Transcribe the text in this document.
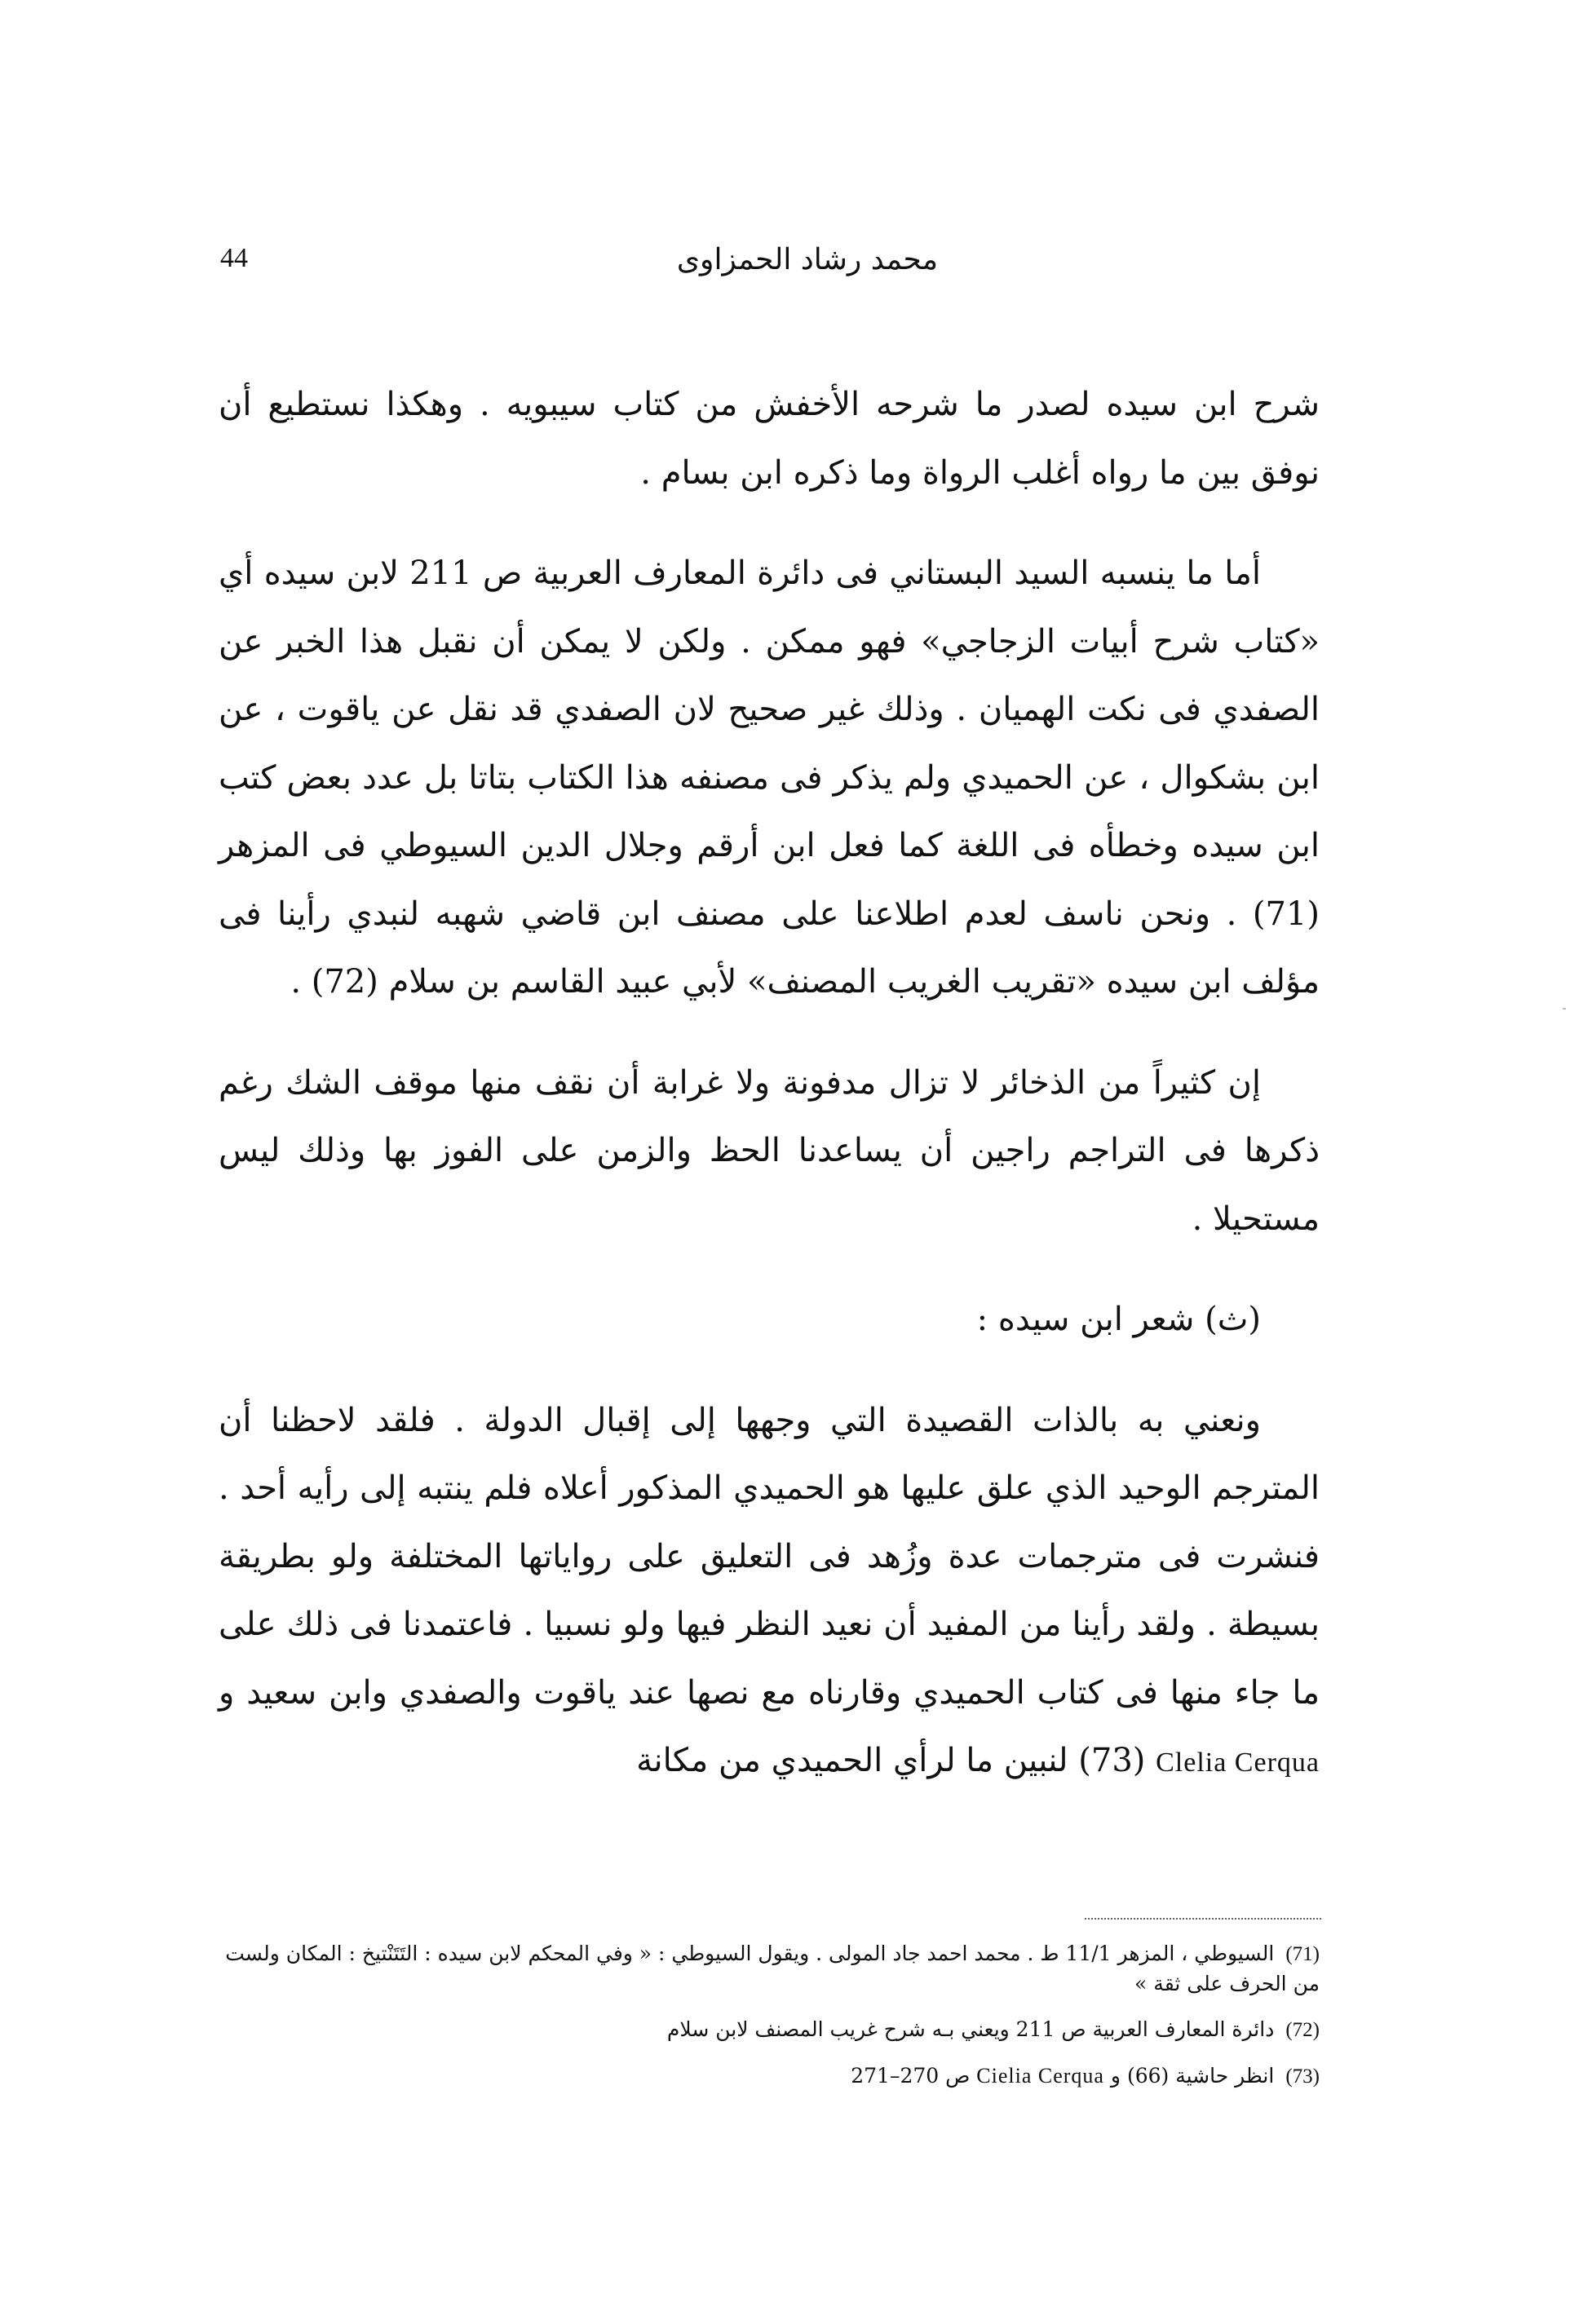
44	محمد رشاد الحمزاوى

شرح ابن سيده لصدر ما شرحه الأخفش من كتاب سيبويه . وهكذا نستطيع أن نوفق بين ما رواه أغلب الرواة وما ذكره ابن بسام .

أما ما ينسبه السيد البستاني فى دائرة المعارف العربية ص 211 لابن سيده أي «كتاب شرح أبيات الزجاجي» فهو ممكن . ولكن لا يمكن أن نقبل هذا الخبر عن الصفدي فى نكت الهميان . وذلك غير صحيح لان الصفدي قد نقل عن ياقوت ، عن ابن بشكوال ، عن الحميدي ولم يذكر فى مصنفه هذا الكتاب بتاتا بل عدد بعض كتب ابن سيده وخطأه فى اللغة كما فعل ابن أرقم وجلال الدين السيوطي فى المزهر (71) . ونحن ناسف لعدم اطلاعنا على مصنف ابن قاضي شهبه لنبدي رأينا فى مؤلف ابن سيده «تقريب الغريب المصنف» لأبي عبيد القاسم بن سلام (72) .

إن كثيراً من الذخائر لا تزال مدفونة ولا غرابة أن نقف منها موقف الشك رغم ذكرها فى التراجم راجين أن يساعدنا الحظ والزمن على الفوز بها وذلك ليس مستحيلا .

(ث) شعر ابن سيده :

ونعني به بالذات القصيدة التي وجهها إلى إقبال الدولة . فلقد لاحظنا أن المترجم الوحيد الذي علق عليها هو الحميدي المذكور أعلاه فلم ينتبه إلى رأيه أحد . فنشرت فى مترجمات عدة وزُهد فى التعليق على رواياتها المختلفة ولو بطريقة بسيطة . ولقد رأينا من المفيد أن نعيد النظر فيها ولو نسبيا . فاعتمدنا فى ذلك على ما جاء منها فى كتاب الحميدي وقارناه مع نصها عند ياقوت والصفدي وابن سعيد و Clelia Cerqua (73) لنبين ما لرأي الحميدي من مكانة

(71)السيوطي ، المزهر 11/1 ط . محمد احمد جاد المولى . ويقول السيوطي : « وفي المحكم لابن سيده : التَتَنْتيخ : المكان ولست من الحرف على ثقة »

(72)دائرة المعارف العربية ص 211 ويعني بـه شرح غريب المصنف لابن سلام

(73)انظر حاشية (66) و Cielia Cerqua ص 270–271
